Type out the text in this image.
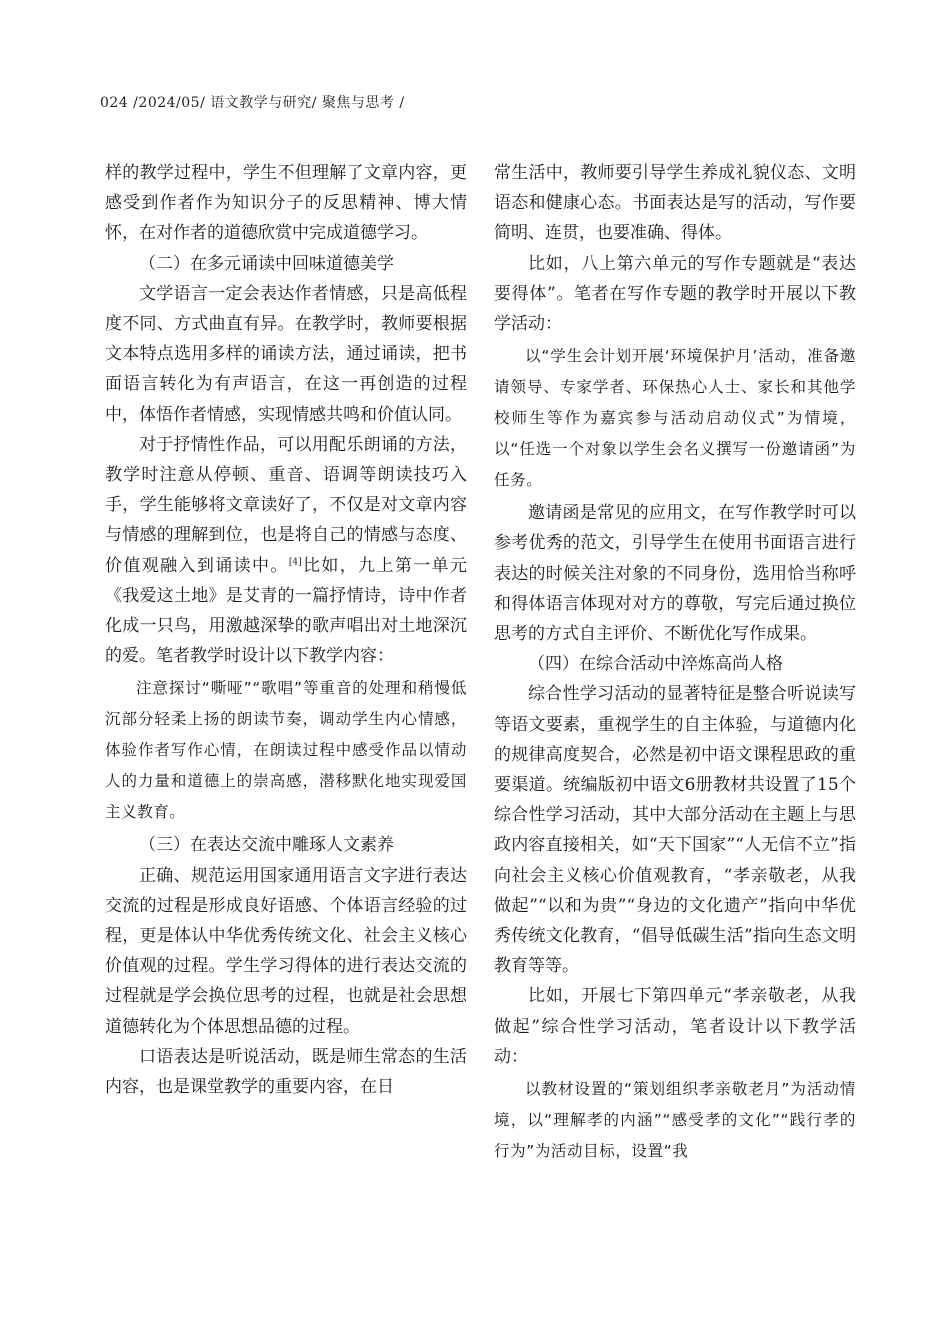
024 /2024/05/ 语文教学与研究/ 聚焦与思考 /

样的教学过程中，学生不但理解了文章内容，更感受到作者作为知识分子的反思精神、博大情怀，在对作者的道德欣赏中完成道德学习。

（二）在多元诵读中回味道德美学

文学语言一定会表达作者情感，只是高低程度不同、方式曲直有异。在教学时，教师要根据文本特点选用多样的诵读方法，通过诵读，把书面语言转化为有声语言，在这一再创造的过程中，体悟作者情感，实现情感共鸣和价值认同。

对于抒情性作品，可以用配乐朗诵的方法，教学时注意从停顿、重音、语调等朗读技巧入手，学生能够将文章读好了，不仅是对文章内容与情感的理解到位，也是将自己的情感与态度、价值观融入到诵读中。[4]比如，九上第一单元《我爱这土地》是艾青的一篇抒情诗，诗中作者化成一只鸟，用激越深挚的歌声唱出对土地深沉的爱。笔者教学时设计以下教学内容：

注意探讨“嘶哑”“歌唱”等重音的处理和稍慢低沉部分轻柔上扬的朗读节奏，调动学生内心情感，体验作者写作心情，在朗读过程中感受作品以情动人的力量和道德上的崇高感，潜移默化地实现爱国主义教育。

（三）在表达交流中雕琢人文素养

正确、规范运用国家通用语言文字进行表达交流的过程是形成良好语感、个体语言经验的过程，更是体认中华优秀传统文化、社会主义核心价值观的过程。学生学习得体的进行表达交流的过程就是学会换位思考的过程，也就是社会思想道德转化为个体思想品德的过程。

口语表达是听说活动，既是师生常态的生活内容，也是课堂教学的重要内容，在日

常生活中，教师要引导学生养成礼貌仪态、文明语态和健康心态。书面表达是写的活动，写作要简明、连贯，也要准确、得体。

比如，八上第六单元的写作专题就是“表达要得体”。笔者在写作专题的教学时开展以下教学活动：

以“学生会计划开展‘环境保护月’活动，准备邀请领导、专家学者、环保热心人士、家长和其他学校师生等作为嘉宾参与活动启动仪式”为情境，以“任选一个对象以学生会名义撰写一份邀请函”为任务。

邀请函是常见的应用文，在写作教学时可以参考优秀的范文，引导学生在使用书面语言进行表达的时候关注对象的不同身份，选用恰当称呼和得体语言体现对对方的尊敬，写完后通过换位思考的方式自主评价、不断优化写作成果。

（四）在综合活动中淬炼高尚人格

综合性学习活动的显著特征是整合听说读写等语文要素，重视学生的自主体验，与道德内化的规律高度契合，必然是初中语文课程思政的重要渠道。统编版初中语文6册教材共设置了15个综合性学习活动，其中大部分活动在主题上与思政内容直接相关，如“天下国家”“人无信不立”指向社会主义核心价值观教育，“孝亲敬老，从我做起”“以和为贵”“身边的文化遗产”指向中华优秀传统文化教育，“倡导低碳生活”指向生态文明教育等等。

比如，开展七下第四单元“孝亲敬老，从我做起”综合性学习活动，笔者设计以下教学活动：

以教材设置的“策划组织孝亲敬老月”为活动情境，以“理解孝的内涵”“感受孝的文化”“践行孝的行为”为活动目标，设置“我
